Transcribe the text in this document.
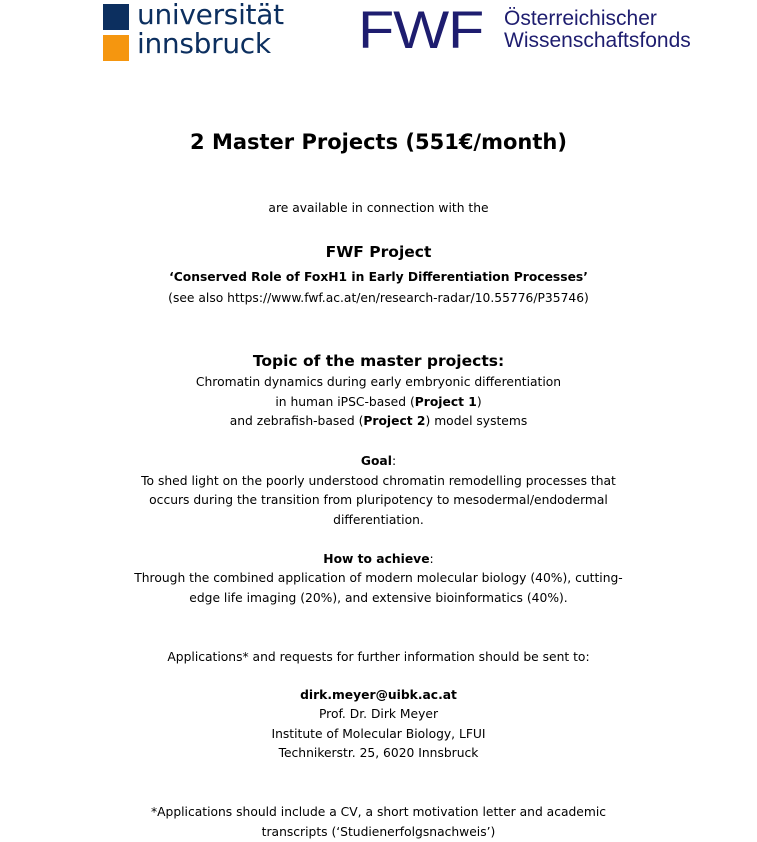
universität
innsbruck FWF Österreichischer
Wissenschaftsfonds
2 Master Projects (551€/month)
are available in connection with the
FWF Project
‘Conserved Role of FoxH1 in Early Differentiation Processes’
(see also https://www.fwf.ac.at/en/research-radar/10.55776/P35746)
Topic of the master projects:
Chromatin dynamics during early embryonic differentiation
in human iPSC-based (Project 1)
and zebrafish-based (Project 2) model systems
Goal:
To shed light on the poorly understood chromatin remodelling processes that
occurs during the transition from pluripotency to mesodermal/endodermal
differentiation.
How to achieve:
Through the combined application of modern molecular biology (40%), cutting-
edge life imaging (20%), and extensive bioinformatics (40%).
Applications* and requests for further information should be sent to:
dirk.meyer@uibk.ac.at
Prof. Dr. Dirk Meyer
Institute of Molecular Biology, LFUI
Technikerstr. 25, 6020 Innsbruck
*Applications should include a CV, a short motivation letter and academic
transcripts (‘Studienerfolgsnachweis’)
